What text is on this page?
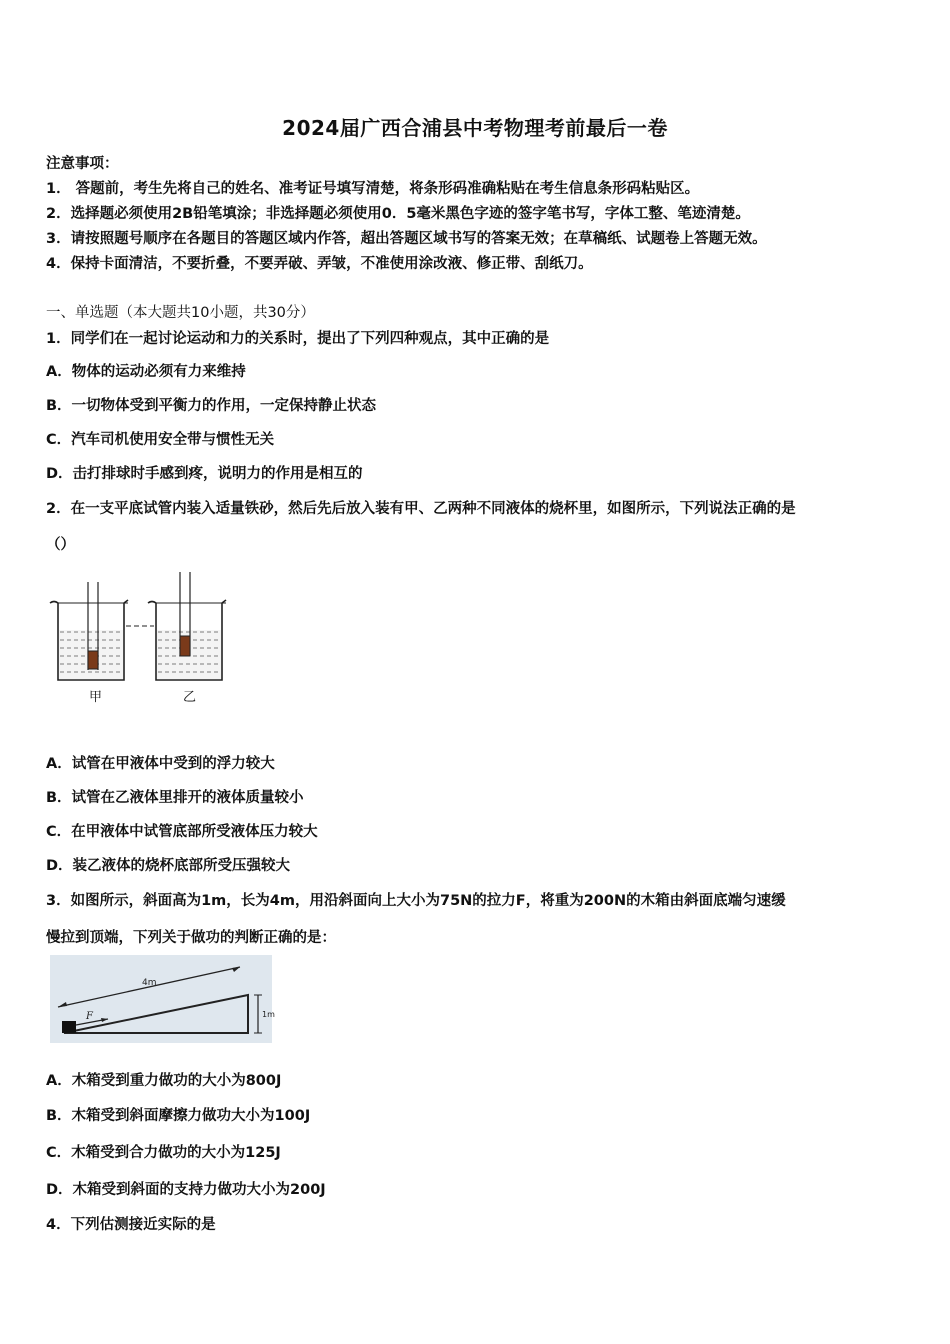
2024届广西合浦县中考物理考前最后一卷
注意事项：
1． 答题前，考生先将自己的姓名、准考证号填写清楚，将条形码准确粘贴在考生信息条形码粘贴区。
2．选择题必须使用2B铅笔填涂；非选择题必须使用0．5毫米黑色字迹的签字笔书写，字体工整、笔迹清楚。
3．请按照题号顺序在各题目的答题区域内作答，超出答题区域书写的答案无效；在草稿纸、试题卷上答题无效。
4．保持卡面清洁，不要折叠，不要弄破、弄皱，不准使用涂改液、修正带、刮纸刀。
一、单选题（本大题共10小题，共30分）
1．同学们在一起讨论运动和力的关系时，提出了下列四种观点，其中正确的是
A．物体的运动必须有力来维持
B．一切物体受到平衡力的作用，一定保持静止状态
C．汽车司机使用安全带与惯性无关
D．击打排球时手感到疼，说明力的作用是相互的
2．在一支平底试管内装入适量铁砂，然后先后放入装有甲、乙两种不同液体的烧杯里，如图所示，下列说法正确的是
（）
甲	乙
A．试管在甲液体中受到的浮力较大
B．试管在乙液体里排开的液体质量较小
C．在甲液体中试管底部所受液体压力较大
D．装乙液体的烧杯底部所受压强较大
3．如图所示，斜面高为1m，长为4m，用沿斜面向上大小为75N的拉力F，将重为200N的木箱由斜面底端匀速缓
慢拉到顶端，下列关于做功的判断正确的是：
4m
1m
F
A．木箱受到重力做功的大小为800J
B．木箱受到斜面摩擦力做功大小为100J
C．木箱受到合力做功的大小为125J
D．木箱受到斜面的支持力做功大小为200J
4．下列估测接近实际的是
